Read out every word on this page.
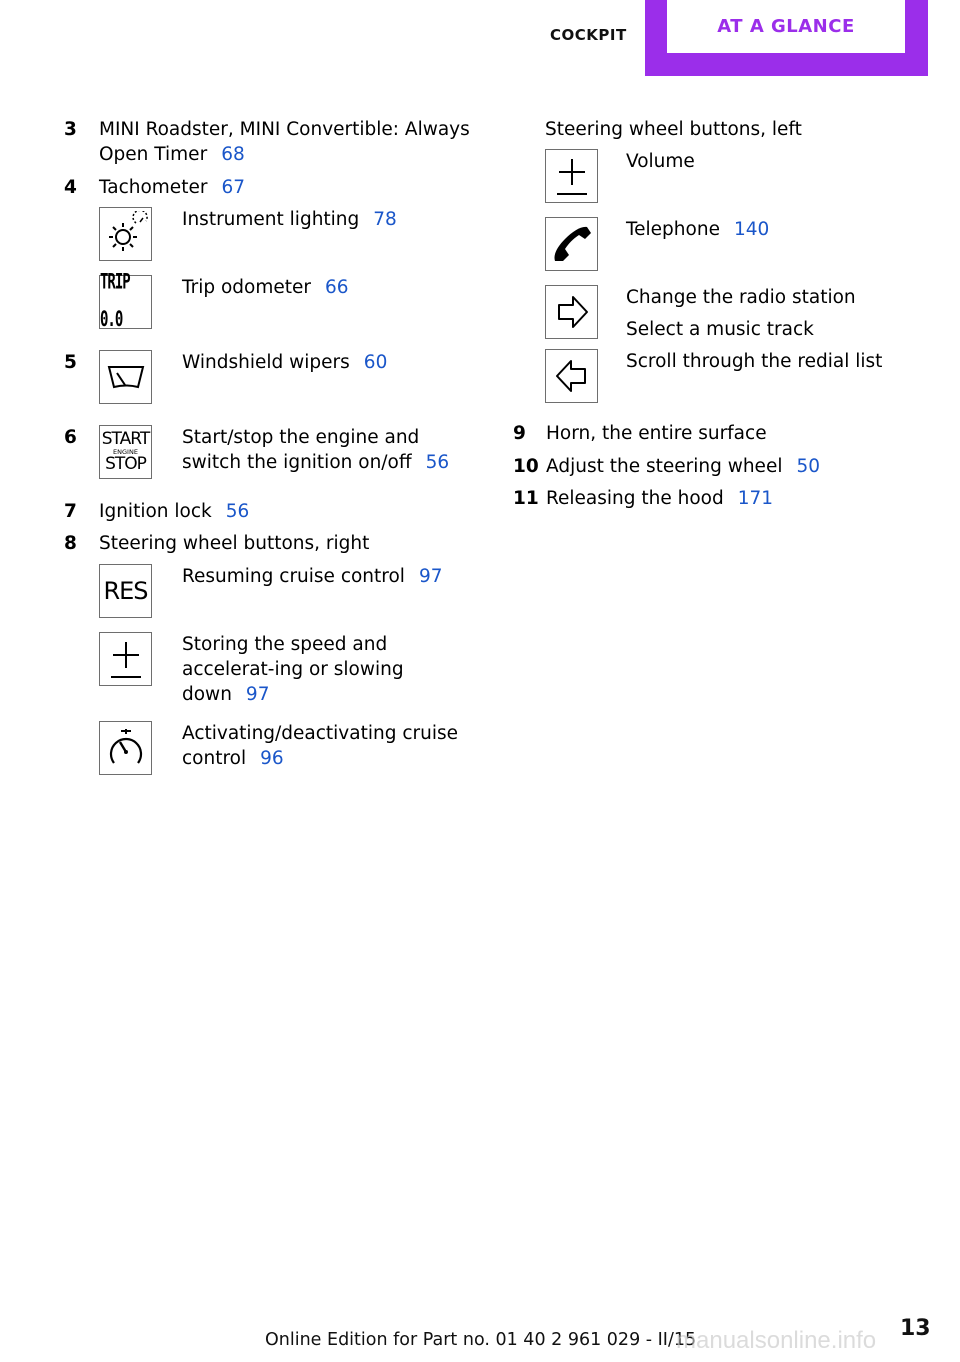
COCKPIT	AT A GLANCE
3	MINI Roadster, MINI Convertible: Always Open Timer 68
4	Tachometer 67
Instrument lighting 78
TRIP 0.0
Trip odometer 66
5	Windshield wipers 60
6	START
ENGINE
STOP
Start/stop the engine and switch the ignition on/off 56
7	Ignition lock 56
8	Steering wheel buttons, right
RES Resuming cruise control 97
Storing the speed and accelerat‐ing or slowing down 97
Activating/deactivating cruise control 96
Steering wheel buttons, left
Volume
Telephone 140
Change the radio station
Select a music track
Scroll through the redial list
9	Horn, the entire surface
10 Adjust the steering wheel 50
11 Releasing the hood 171
Online Edition for Part no. 01 40 2 961 029 - II/15
manualsonline.info 13
